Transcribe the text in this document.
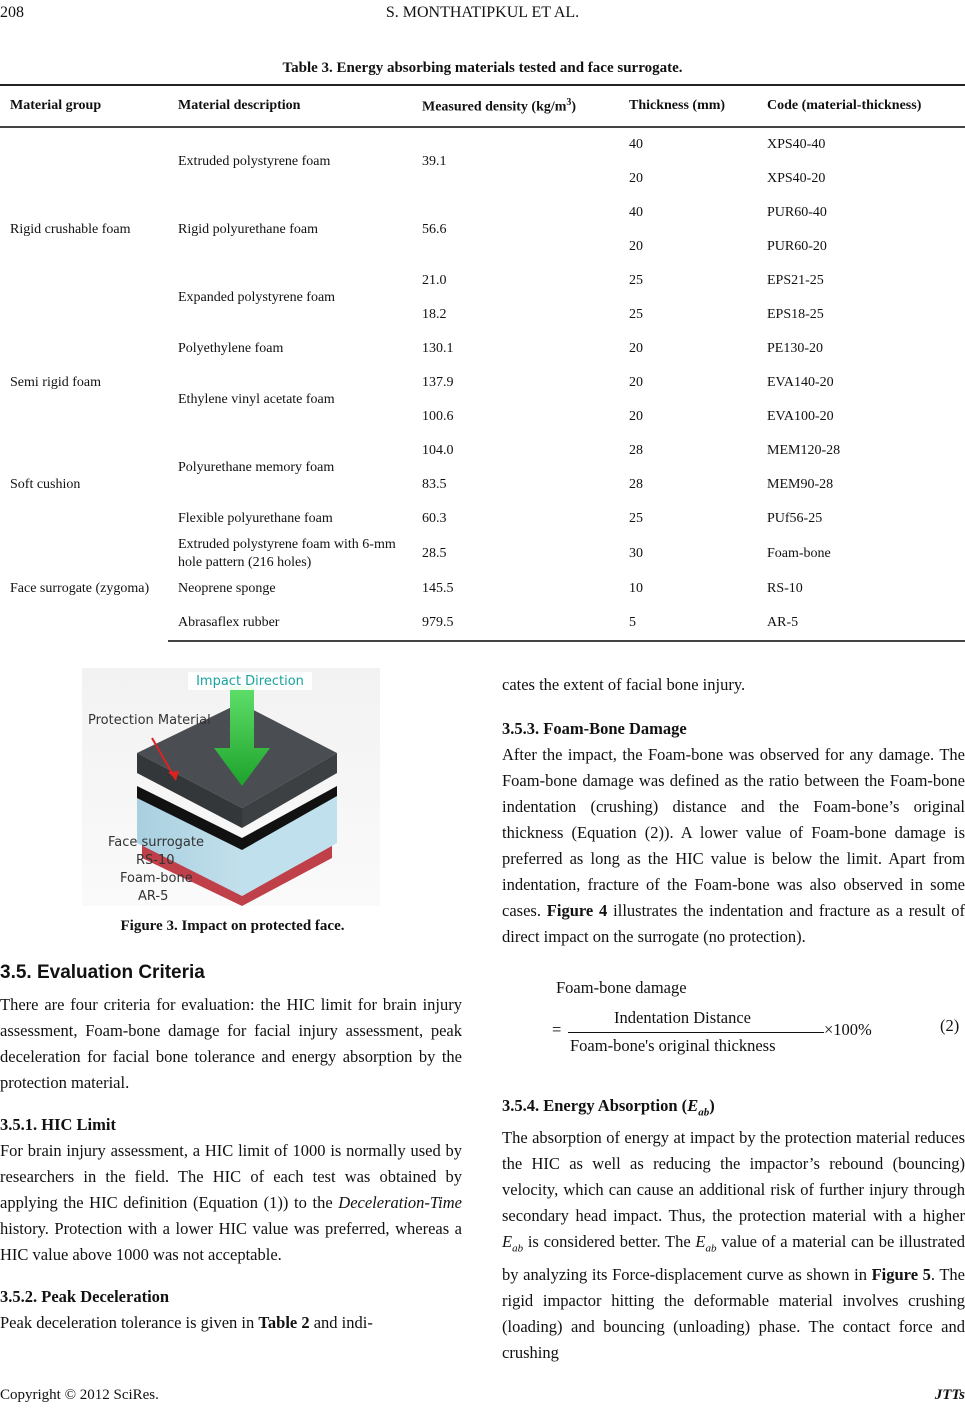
208	S. MONTHATIPKUL ET AL.
Table 3. Energy absorbing materials tested and face surrogate.
Material group	Material description	Measured density $(kg/m^3)$	Thickness (mm)	Code (material-thickness)
Rigid crushable foam	Extruded polystyrene foam	39.1	40	XPS40-40
			20	XPS40-20
	Rigid polyurethane foam	56.6	40	PUR60-40
			20	PUR60-20
	Expanded polystyrene foam	21.0	25	EPS21-25
		18.2	25	EPS18-25
Semi rigid foam	Polyethylene foam	130.1	20	PE130-20
	Ethylene vinyl acetate foam	137.9	20	EVA140-20
		100.6	20	EVA100-20
Soft cushion	Polyurethane memory foam	104.0	28	MEM120-28
		83.5	28	MEM90-28
	Flexible polyurethane foam	60.3	25	PUf56-25

Face surrogate (zygoma)	Extruded polystyrene foam with 6-mm hole pattern (216 holes)	28.5	30	Foam-bone
	Neoprene sponge	145.5	10	RS-10
	Abrasaflex rubber	979.5	5	AR-5
Impact Direction
Protection Material
Face surrogate
RS-10
Foam-bone
AR-5
Figure 3. Impact on protected face.
3.5. Evaluation Criteria

There are four criteria for evaluation: the HIC limit for brain injury assessment, Foam-bone damage for facial injury assessment, peak deceleration for facial bone tolerance and energy absorption by the protection material.

3.5.1. HIC Limit

For brain injury assessment, a HIC limit of 1000 is normally used by researchers in the field. The HIC of each test was obtained by applying the HIC definition (Equation (1)) to the Deceleration-Time history. Protection with a lower HIC value was preferred, whereas a HIC value above 1000 was not acceptable.

3.5.2. Peak Deceleration

Peak deceleration tolerance is given in Table 2 and indi-

cates the extent of facial bone injury.

3.5.3. Foam-Bone Damage

After the impact, the Foam-bone was observed for any damage. The Foam-bone damage was defined as the ratio between the Foam-bone indentation (crushing) distance and the Foam-bone’s original thickness (Equation (2)). A lower value of Foam-bone damage is preferred as long as the HIC value is below the limit. Apart from indentation, fracture of the Foam-bone was also observed in some cases. Figure 4 illustrates the indentation and fracture as a result of direct impact on the surrogate (no protection).

Foam-bone damage
=
Indentation Distance
Foam-bone's original thickness
×100%	(2)
3.5.4. Energy Absorption $(E_{ab})$

The absorption of energy at impact by the protection material reduces the HIC as well as reducing the impactor’s rebound (bouncing) velocity, which can cause an additional risk of further injury through secondary head impact. Thus, the protection material with a higher $E_{ab}$ is considered better. The $E_{ab}$ value of a material can be illustrated by analyzing its Force-displacement curve as shown in Figure 5. The rigid impactor hitting the deformable material involves crushing (loading) and bouncing (unloading) phase. The contact force and crushing

Copyright © 2012 SciRes.	JTTs
